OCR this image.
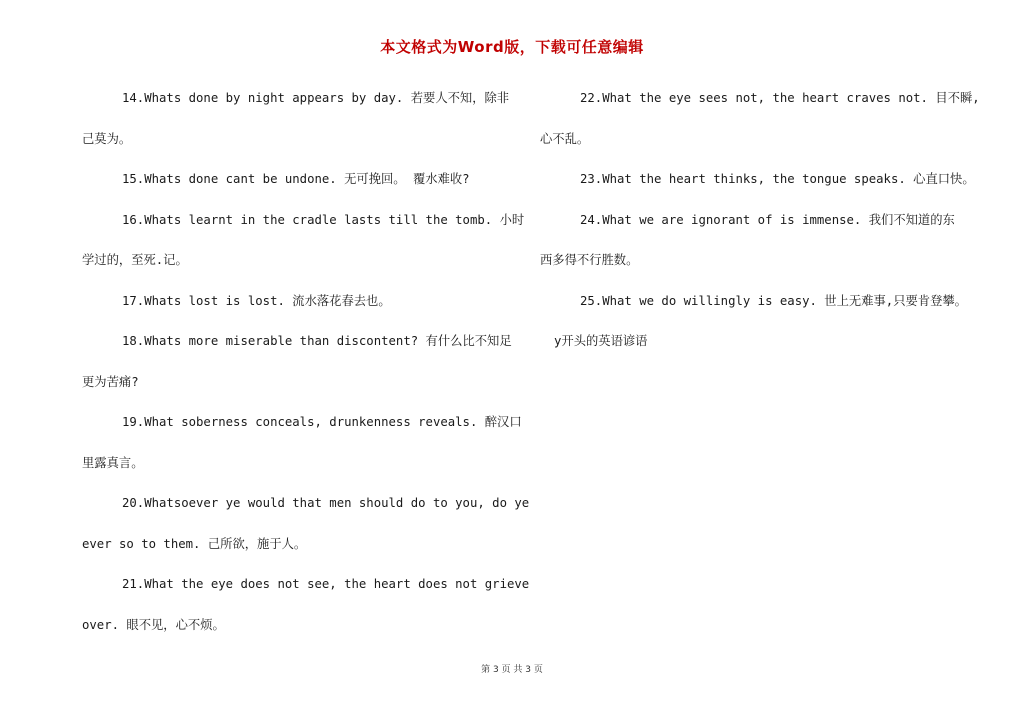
本文格式为Word版，下载可任意编辑
14.Whats done by night appears by day. 若要人不知，除非
己莫为。
15.Whats done cant be undone. 无可挽回。 覆水难收?
16.Whats learnt in the cradle lasts till the tomb. 小时
学过的，至死.记。
17.Whats lost is lost. 流水落花春去也。
18.Whats more miserable than discontent? 有什么比不知足
更为苦痛?
19.What soberness conceals, drunkenness reveals. 醉汉口
里露真言。
20.Whatsoever ye would that men should do to you, do ye
ever so to them. 己所欲，施于人。
21.What the eye does not see, the heart does not grieve
over. 眼不见，心不烦。
22.What the eye sees not, the heart craves not. 目不瞬,
心不乱。
23.What the heart thinks, the tongue speaks. 心直口快。
24.What we are ignorant of is immense. 我们不知道的东
西多得不行胜数。
25.What we do willingly is easy. 世上无难事,只要肯登攀。
y开头的英语谚语
第 3 页 共 3 页
